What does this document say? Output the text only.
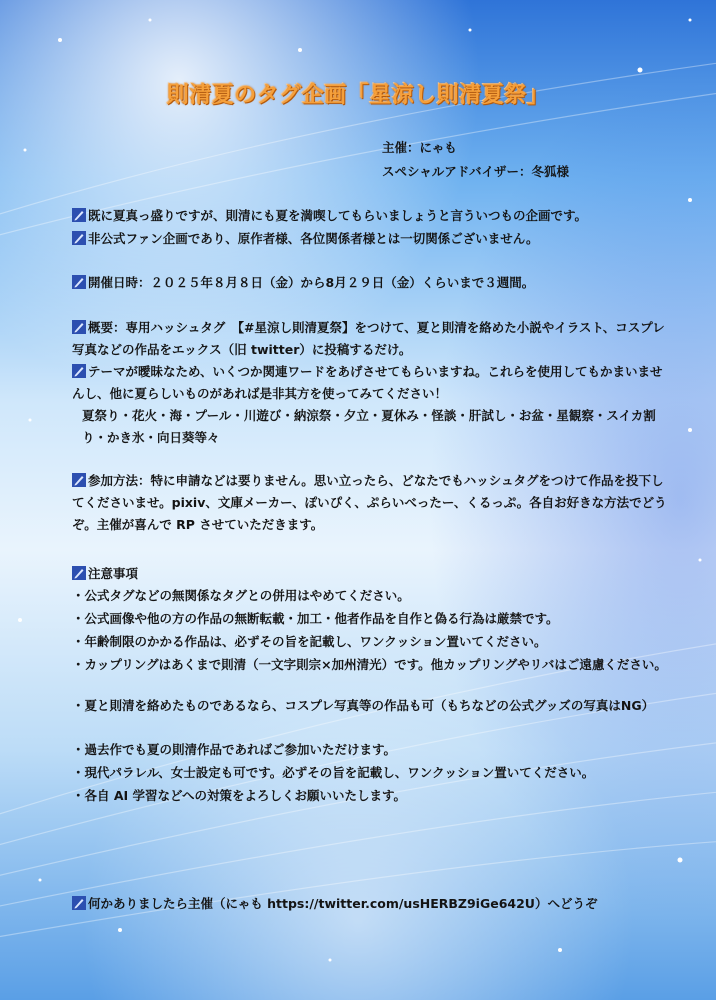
則清夏のタグ企画「星涼し則清夏祭」
主催：にゃも
スペシャルアドバイザー：冬狐様
既に夏真っ盛りですが、則清にも夏を満喫してもらいましょうと言ういつもの企画です。
非公式ファン企画であり、原作者様、各位関係者様とは一切関係ございません。
開催日時：２０２５年８月８日（金）から8月２９日（金）くらいまで３週間。
概要：専用ハッシュタグ　【#星涼し則清夏祭】をつけて、夏と則清を絡めた小説やイラスト、コスプレ写真などの作品をエックス（旧 twitter）に投稿するだけ。
テーマが曖昧なため、いくつか関連ワードをあげさせてもらいますね。これらを使用してもかまいませんし、他に夏らしいものがあれば是非其方を使ってみてください！
夏祭り・花火・海・プール・川遊び・納涼祭・夕立・夏休み・怪談・肝試し・お盆・星観察・スイカ割り・かき氷・向日葵等々
参加方法：特に申請などは要りません。思い立ったら、どなたでもハッシュタグをつけて作品を投下してくださいませ。pixiv、文庫メーカー、ぽいぴく、ぷらいべったー、くるっぷ。各自お好きな方法でどうぞ。主催が喜んで RP させていただきます。
注意事項
・公式タグなどの無関係なタグとの併用はやめてください。
・公式画像や他の方の作品の無断転載・加工・他者作品を自作と偽る行為は厳禁です。
・年齢制限のかかる作品は、必ずその旨を記載し、ワンクッション置いてください。
・カップリングはあくまで則清（一文字則宗×加州清光）です。他カップリングやリバはご遠慮ください。
・夏と則清を絡めたものであるなら、コスプレ写真等の作品も可（もちなどの公式グッズの写真はNG）
・過去作でも夏の則清作品であればご参加いただけます。
・現代パラレル、女士設定も可です。必ずその旨を記載し、ワンクッション置いてください。
・各自 AI 学習などへの対策をよろしくお願いいたします。
何かありましたら主催（にゃも https://twitter.com/usHERBZ9iGe642U）へどうぞ
